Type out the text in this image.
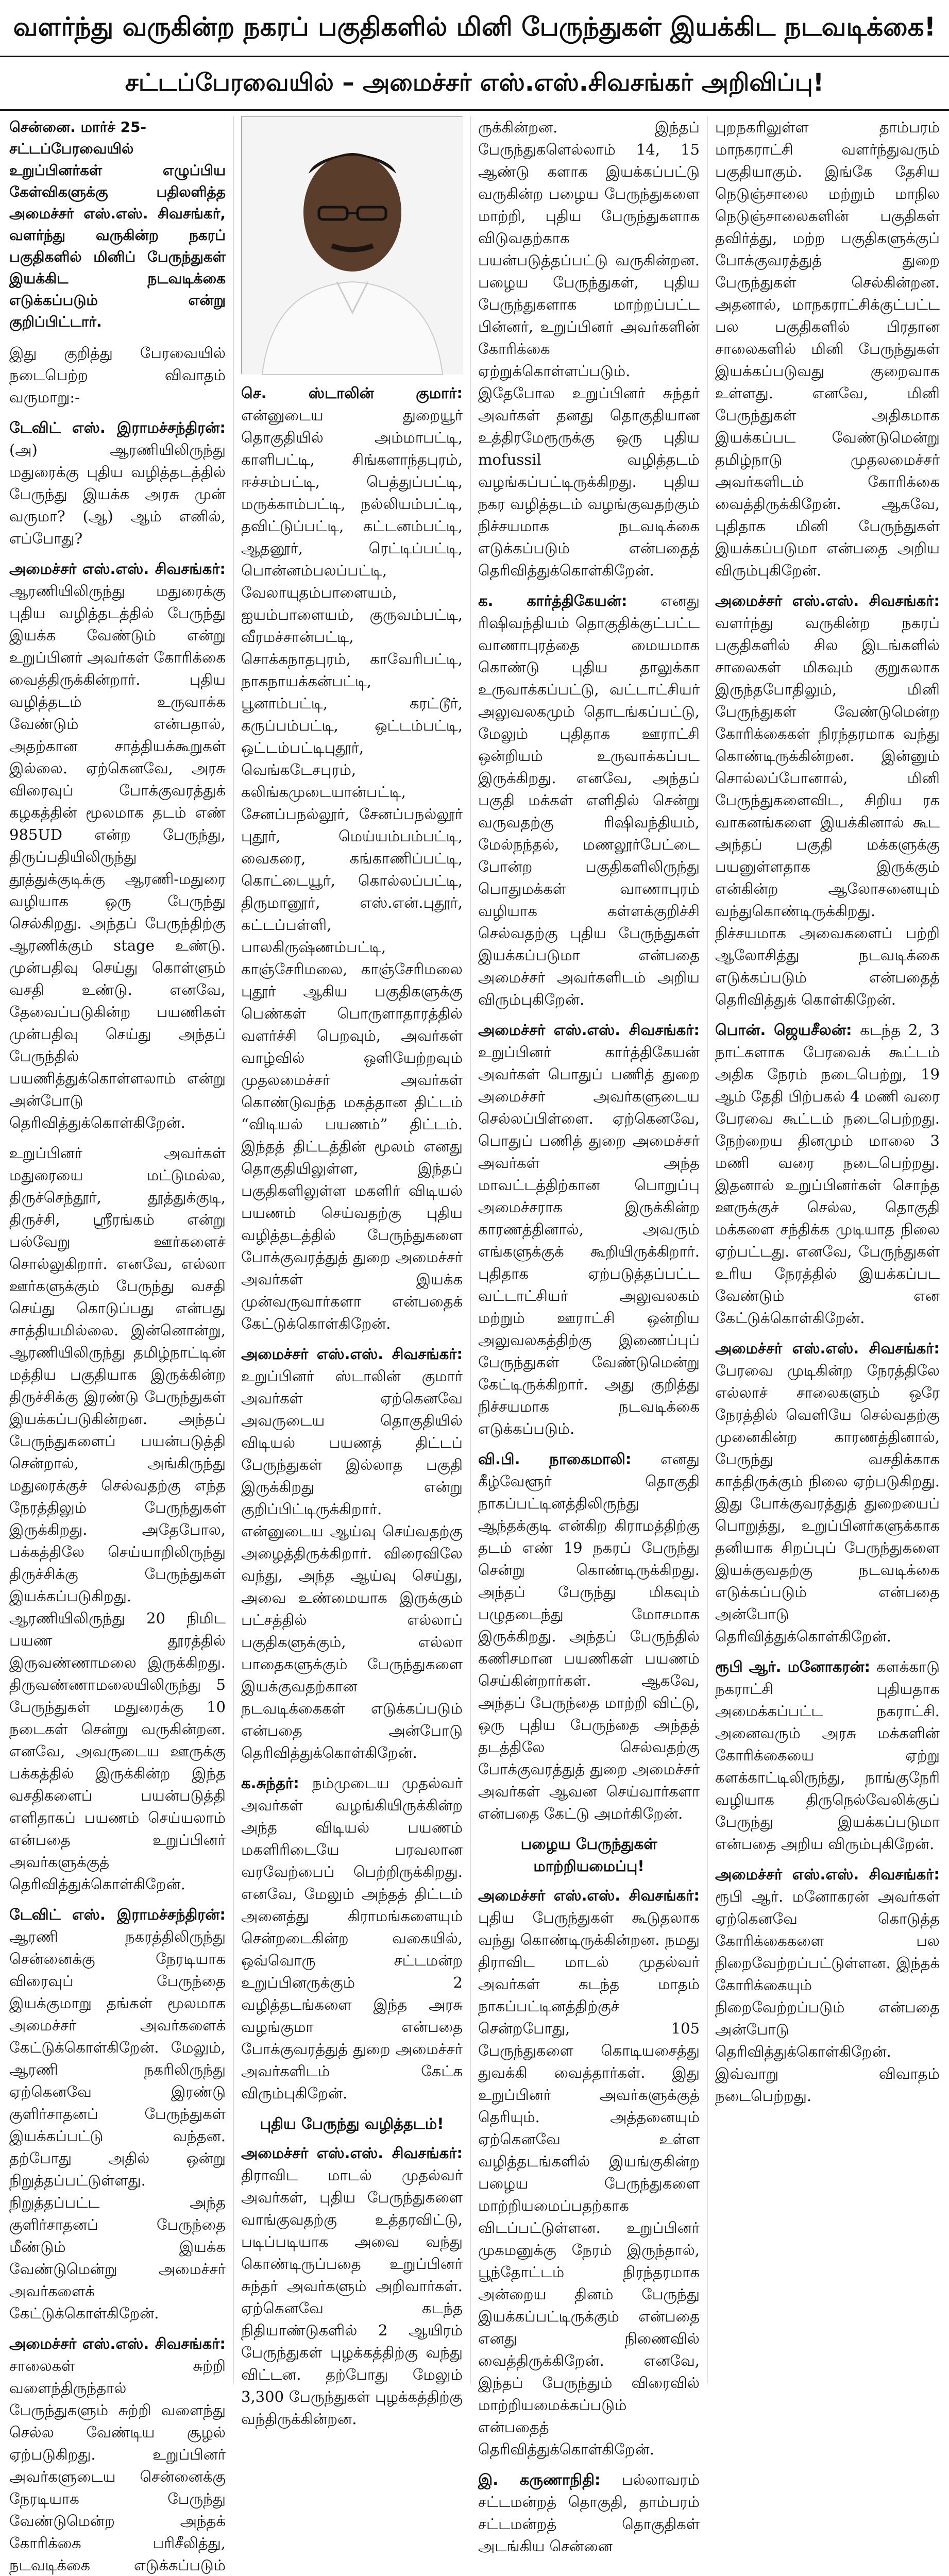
வளர்ந்து வருகின்ற நகரப் பகுதிகளில் மினி பேருந்துகள் இயக்கிட நடவடிக்கை!
சட்டப்பேரவையில் – அமைச்சர் எஸ்.எஸ்.சிவசங்கர் அறிவிப்பு!
சென்னை. மார்ச் 25-
சட்டப்பேரவையில் உறுப்பினர்கள் எழுப்பிய கேள்விகளுக்கு பதிலளித்த அமைச்சர் எஸ்.எஸ். சிவசங்கர், வளர்ந்து வருகின்ற நகரப் பகுதிகளில் மினிப் பேருந்துகள் இயக்கிட நடவடிக்கை எடுக்கப்படும் என்று குறிப்பிட்டார்.

இது குறித்து பேரவையில் நடைபெற்ற விவாதம் வருமாறு:-

டேவிட் எஸ். இராமச்சந்திரன்: (அ) ஆரணியிலிருந்து மதுரைக்கு புதிய வழித்தடத்தில் பேருந்து இயக்க அரசு முன் வருமா? (ஆ) ஆம் எனில், எப்போது?

அமைச்சர் எஸ்.எஸ். சிவசங்கர்: ஆரணியிலிருந்து மதுரைக்கு புதிய வழித்தடத்தில் பேருந்து இயக்க வேண்டும் என்று உறுப்பினர் அவர்கள் கோரிக்கை வைத்திருக்கின்றார். புதிய வழித்தடம் உருவாக்க வேண்டும் என்பதால், அதற்கான சாத்தியக்கூறுகள் இல்லை. ஏற்கெனவே, அரசு விரைவுப் போக்குவரத்துக் கழகத்தின் மூலமாக தடம் எண் 985UD என்ற பேருந்து, திருப்பதியிலிருந்து தூத்துக்குடிக்கு ஆரணி-மதுரை வழியாக ஒரு பேருந்து செல்கிறது. அந்தப் பேருந்திற்கு ஆரணிக்கும் stage உண்டு. முன்பதிவு செய்து கொள்ளும் வசதி உண்டு. எனவே, தேவைப்படுகின்ற பயணிகள் முன்பதிவு செய்து அந்தப் பேருந்தில் பயணித்துக்கொள்ளலாம் என்று அன்போடு தெரிவித்துக்கொள்கிறேன்.

உறுப்பினர் அவர்கள் மதுரையை மட்டுமல்ல, திருச்செந்தூர், தூத்துக்குடி, திருச்சி, ஸ்ரீரங்கம் என்று பல்வேறு ஊர்களைச் சொல்லுகிறார். எனவே, எல்லா ஊர்களுக்கும் பேருந்து வசதி செய்து கொடுப்பது என்பது சாத்தியமில்லை. இன்னொன்று, ஆரணியிலிருந்து தமிழ்நாட்டின் மத்திய பகுதியாக இருக்கின்ற திருச்சிக்கு இரண்டு பேருந்துகள் இயக்கப்படுகின்றன. அந்தப் பேருந்துகளைப் பயன்படுத்தி சென்றால், அங்கிருந்து மதுரைக்குச் செல்வதற்கு எந்த நேரத்திலும் பேருந்துகள் இருக்கிறது. அதேபோல, பக்கத்திலே செய்யாறிலிருந்து திருச்சிக்கு பேருந்துகள் இயக்கப்படுகிறது. ஆரணியிலிருந்து 20 நிமிட பயண தூரத்தில் இருவண்ணாமலை இருக்கிறது. திருவண்ணாமலையிலிருந்து 5 பேருந்துகள் மதுரைக்கு 10 நடைகள் சென்று வருகின்றன. எனவே, அவருடைய ஊருக்கு பக்கத்தில் இருக்கின்ற இந்த வசதிகளைப் பயன்படுத்தி எளிதாகப் பயணம் செய்யலாம் என்பதை உறுப்பினர் அவர்களுக்குத் தெரிவித்துக்கொள்கிறேன்.

டேவிட் எஸ். இராமச்சந்திரன்: ஆரணி நகரத்திலிருந்து சென்னைக்கு நேரடியாக விரைவுப் பேருந்தை இயக்குமாறு தங்கள் மூலமாக அமைச்சர் அவர்களைக் கேட்டுக்கொள்கிறேன். மேலும், ஆரணி நகரிலிருந்து ஏற்கெனவே இரண்டு குளிர்சாதனப் பேருந்துகள் இயக்கப்பட்டு வந்தன. தற்போது அதில் ஒன்று நிறுத்தப்பட்டுள்ளது. நிறுத்தப்பட்ட அந்த குளிர்சாதனப் பேருந்தை மீண்டும் இயக்க வேண்டுமென்று அமைச்சர் அவர்களைக் கேட்டுக்கொள்கிறேன்.

அமைச்சர் எஸ்.எஸ். சிவசங்கர்: சாலைகள் சுற்றி வளைந்திருந்தால் பேருந்துகளும் சுற்றி வளைந்து செல்ல வேண்டிய சூழல் ஏற்படுகிறது. உறுப்பினர் அவர்களுடைய சென்னைக்கு நேரடியாக பேருந்து வேண்டுமென்ற அந்தக் கோரிக்கை பரிசீலித்து, நடவடிக்கை எடுக்கப்படும்

செ. ஸ்டாலின் குமார்: என்னுடைய துறையூர் தொகுதியில் அம்மாபட்டி, காளிபட்டி, சிங்களாந்தபுரம், ஈச்சம்பட்டி, பெத்துப்பட்டி, மருக்காம்பட்டி, நல்லியம்பட்டி, தவிட்டுப்பட்டி, கட்டனம்பட்டி, ஆதனூர், ரெட்டிப்பட்டி, பொன்னம்பலப்பட்டி, வேலாயுதம்பாளையம், ஐயம்பாளையம், குருவம்பட்டி, வீரமச்சான்பட்டி, சொக்கநாதபுரம், காவேரிபட்டி, நாகநாயக்கன்பட்டி, பூனாம்பட்டி, கரட்டூர், கருப்பம்பட்டி, ஒட்டம்பட்டி, ஒட்டம்பட்டிபுதூர், வெங்கடேசபுரம், கலிங்கமுடையான்பட்டி, சேனப்பநல்லூர், சேனப்பநல்லூர் புதூர், மெய்யம்பம்பட்டி, வைகரை, கங்காணிப்பட்டி, கொட்டையூர், கொல்லப்பட்டி, திருமானூர், எஸ்.என்.புதூர், கட்டப்பள்ளி, பாலகிருஷ்ணம்பட்டி, காஞ்சேரிமலை, காஞ்சேரிமலை புதூர் ஆகிய பகுதிகளுக்கு பெண்கள் பொருளாதாரத்தில் வளர்ச்சி பெறவும், அவர்கள் வாழ்வில் ஒளியேற்றவும் முதலமைச்சர் அவர்கள் கொண்டுவந்த மகத்தான திட்டம் “விடியல் பயணம்” திட்டம். இந்தத் திட்டத்தின் மூலம் எனது தொகுதியிலுள்ள, இந்தப் பகுதிகளிலுள்ள மகளிர் விடியல் பயணம் செய்வதற்கு புதிய வழித்தடத்தில் பேருந்துகளை போக்குவரத்துத் துறை அமைச்சர் அவர்கள் இயக்க முன்வருவார்களா என்பதைக் கேட்டுக்கொள்கிறேன்.

அமைச்சர் எஸ்.எஸ். சிவசங்கர்: உறுப்பினர் ஸ்டாலின் குமார் அவர்கள் ஏற்கெனவே அவருடைய தொகுதியில் விடியல் பயணத் திட்டப் பேருந்துகள் இல்லாத பகுதி இருக்கிறது என்று குறிப்பிட்டிருக்கிறார். என்னுடைய ஆய்வு செய்வதற்கு அழைத்திருக்கிறார். விரைவிலே வந்து, அந்த ஆய்வு செய்து, அவை உண்மையாக இருக்கும் பட்சத்தில் எல்லாப் பகுதிகளுக்கும், எல்லா பாதைகளுக்கும் பேருந்துகளை இயக்குவதற்கான நடவடிக்கைகள் எடுக்கப்படும் என்பதை அன்போடு தெரிவித்துக்கொள்கிறேன்.

க.சுந்தர்: நம்முடைய முதல்வர் அவர்கள் வழங்கியிருக்கின்ற அந்த விடியல் பயணம் மகளிரிடையே பரவலான வரவேற்பைப் பெற்றிருக்கிறது. எனவே, மேலும் அந்தத் திட்டம் அனைத்து கிராமங்களையும் சென்றடைகின்ற வகையில், ஒவ்வொரு சட்டமன்ற உறுப்பினருக்கும் 2 வழித்தடங்களை இந்த அரசு வழங்குமா என்பதை போக்குவரத்துத் துறை அமைச்சர் அவர்களிடம் கேட்க விரும்புகிறேன்.

புதிய பேருந்து வழித்தடம்!

அமைச்சர் எஸ்.எஸ். சிவசங்கர்: திராவிட மாடல் முதல்வர் அவர்கள், புதிய பேருந்துகளை வாங்குவதற்கு உத்தரவிட்டு, படிப்படியாக அவை வந்து கொண்டிருப்பதை உறுப்பினர் சுந்தர் அவர்களும் அறிவார்கள். ஏற்கெனவே கடந்த நிதியாண்டுகளில் 2 ஆயிரம் பேருந்துகள் புழக்கத்திற்கு வந்து விட்டன. தற்போது மேலும் 3,300 பேருந்துகள் புழக்கத்திற்கு வந்திருக்கின்றன.

ருக்கின்றன. இந்தப் பேருந்துகளெல்லாம் 14, 15 ஆண்டு களாக இயக்கப்பட்டு வருகின்ற பழைய பேருந்துகளை மாற்றி, புதிய பேருந்துகளாக விடுவதற்காக பயன்படுத்தப்பட்டு வருகின்றன. பழைய பேருந்துகள், புதிய பேருந்துகளாக மாற்றப்பட்ட பின்னர், உறுப்பினர் அவர்களின் கோரிக்கை ஏற்றுக்கொள்ளப்படும். இதேபோல உறுப்பினர் சுந்தர் அவர்கள் தனது தொகுதியான உத்திரமேரூருக்கு ஒரு புதிய mofussil வழித்தடம் வழங்கப்பட்டிருக்கிறது. புதிய நகர வழித்தடம் வழங்குவதற்கும் நிச்சயமாக நடவடிக்கை எடுக்கப்படும் என்பதைத் தெரிவித்துக்கொள்கிறேன்.

க. கார்த்திகேயன்: எனது ரிஷிவந்தியம் தொகுதிக்குட்பட்ட வாணாபுரத்தை மையமாக கொண்டு புதிய தாலுக்கா உருவாக்கப்பட்டு, வட்டாட்சியர் அலுவலகமும் தொடங்கப்பட்டு, மேலும் புதிதாக ஊராட்சி ஒன்றியம் உருவாக்கப்பட இருக்கிறது. எனவே, அந்தப் பகுதி மக்கள் எளிதில் சென்று வருவதற்கு ரிஷிவந்தியம், மேல்நந்தல், மணலூர்பேட்டை போன்ற பகுதிகளிலிருந்து பொதுமக்கள் வாணாபுரம் வழியாக கள்ளக்குறிச்சி செல்வதற்கு புதிய பேருந்துகள் இயக்கப்படுமா என்பதை அமைச்சர் அவர்களிடம் அறிய விரும்புகிறேன்.

அமைச்சர் எஸ்.எஸ். சிவசங்கர்: உறுப்பினர் கார்த்திகேயன் அவர்கள் பொதுப் பணித் துறை அமைச்சர் அவர்களுடைய செல்லப்பிள்ளை. ஏற்கெனவே, பொதுப் பணித் துறை அமைச்சர் அவர்கள் அந்த மாவட்டத்திற்கான பொறுப்பு அமைச்சராக இருக்கின்ற காரணத்தினால், அவரும் எங்களுக்குக் கூறியிருக்கிறார். புதிதாக ஏற்படுத்தப்பட்ட வட்டாட்சியர் அலுவலகம் மற்றும் ஊராட்சி ஒன்றிய அலுவலகத்திற்கு இணைப்புப் பேருந்துகள் வேண்டுமென்று கேட்டிருக்கிறார். அது குறித்து நிச்சயமாக நடவடிக்கை எடுக்கப்படும்.

வி.பி. நாகைமாலி: எனது கீழ்வேளூர் தொகுதி நாகப்பட்டினத்திலிருந்து ஆந்தக்குடி என்கிற கிராமத்திற்கு தடம் எண் 19 நகரப் பேருந்து சென்று கொண்டிருக்கிறது. அந்தப் பேருந்து மிகவும் பழுதடைந்து மோசமாக இருக்கிறது. அந்தப் பேருந்தில் கணிசமான பயணிகள் பயணம் செய்கின்றார்கள். ஆகவே, அந்தப் பேருந்தை மாற்றி விட்டு, ஒரு புதிய பேருந்தை அந்தத் தடத்திலே செல்வதற்கு போக்குவரத்துத் துறை அமைச்சர் அவர்கள் ஆவன செய்வார்களா என்பதை கேட்டு அமர்கிறேன்.

பழைய பேருந்துகள் மாற்றியமைப்பு!

அமைச்சர் எஸ்.எஸ். சிவசங்கர்: புதிய பேருந்துகள் கூடுதலாக வந்து கொண்டிருக்கின்றன. நமது திராவிட மாடல் முதல்வர் அவர்கள் கடந்த மாதம் நாகப்பட்டினத்திற்குச் சென்றபோது, 105 பேருந்துகளை கொடியசைத்து துவக்கி வைத்தார்கள். இது உறுப்பினர் அவர்களுக்குத் தெரியும். அத்தனையும் ஏற்கெனவே உள்ள வழித்தடங்களில் இயங்குகின்ற பழைய பேருந்துகளை மாற்றியமைப்பதற்காக விடப்பட்டுள்ளன. உறுப்பினர் முகமனுக்கு நேரம் இருந்தால், பூந்தோட்டம் நிரந்தரமாக அன்றைய தினம் பேருந்து இயக்கப்பட்டிருக்கும் என்பதை எனது நிணைவில் வைத்திருக்கிறேன். எனவே, இந்தப் பேருந்தும் விரைவில் மாற்றியமைக்கப்படும் என்பதைத் தெரிவித்துக்கொள்கிறேன்.

இ. கருணாநிதி: பல்லாவரம் சட்டமன்றத் தொகுதி, தாம்பரம் சட்டமன்றத் தொகுதிகள் அடங்கிய சென்னை

புறநகரிலுள்ள தாம்பரம் மாநகராட்சி வளர்ந்துவரும் பகுதியாகும். இங்கே தேசிய நெடுஞ்சாலை மற்றும் மாநில நெடுஞ்சாலைகளின் பகுதிகள் தவிர்த்து, மற்ற பகுதிகளுக்குப் போக்குவரத்துத் துறை பேருந்துகள் செல்கின்றன. அதனால், மாநகராட்சிக்குட்பட்ட பல பகுதிகளில் பிரதான சாலைகளில் மினி பேருந்துகள் இயக்கப்படுவது குறைவாக உள்ளது. எனவே, மினி பேருந்துகள் அதிகமாக இயக்கப்பட வேண்டுமென்று தமிழ்நாடு முதலமைச்சர் அவர்களிடம் கோரிக்கை வைத்திருக்கிறேன். ஆகவே, புதிதாக மினி பேருந்துகள் இயக்கப்படுமா என்பதை அறிய விரும்புகிறேன்.

அமைச்சர் எஸ்.எஸ். சிவசங்கர்: வளர்ந்து வருகின்ற நகரப் பகுதிகளில் சில இடங்களில் சாலைகள் மிகவும் குறுகலாக இருந்தபோதிலும், மினி பேருந்துகள் வேண்டுமென்ற கோரிக்கைகள் நிரந்தரமாக வந்து கொண்டிருக்கின்றன. இன்னும் சொல்லப்போனால், மினி பேருந்துகளைவிட, சிறிய ரக வாகனங்களை இயக்கினால் கூட அந்தப் பகுதி மக்களுக்கு பயனுள்ளதாக இருக்கும் என்கின்ற ஆலோசனையும் வந்துகொண்டிருக்கிறது. நிச்சயமாக அவைகளைப் பற்றி ஆலோசித்து நடவடிக்கை எடுக்கப்படும் என்பதைத் தெரிவித்துக் கொள்கிறேன்.

பொன். ஜெயசீலன்: கடந்த 2, 3 நாட்களாக பேரவைக் கூட்டம் அதிக நேரம் நடைபெற்று, 19 ஆம் தேதி பிற்பகல் 4 மணி வரை பேரவை கூட்டம் நடைபெற்றது. நேற்றைய தினமும் மாலை 3 மணி வரை நடைபெற்றது. இதனால் உறுப்பினர்கள் சொந்த ஊருக்குச் செல்ல, தொகுதி மக்களை சந்திக்க முடியாத நிலை ஏற்பட்டது. எனவே, பேருந்துகள் உரிய நேரத்தில் இயக்கப்பட வேண்டும் என கேட்டுக்கொள்கிறேன்.

அமைச்சர் எஸ்.எஸ். சிவசங்கர்: பேரவை முடிகின்ற நேரத்திலே எல்லாச் சாலைகளும் ஒரே நேரத்தில் வெளியே செல்வதற்கு முனைகின்ற காரணத்தினால், பேருந்து வசதிக்காக காத்திருக்கும் நிலை ஏற்படுகிறது. இது போக்குவரத்துத் துறையைப் பொறுத்து, உறுப்பினர்களுக்காக தனியாக சிறப்புப் பேருந்துகளை இயக்குவதற்கு நடவடிக்கை எடுக்கப்படும் என்பதை அன்போடு தெரிவித்துக்கொள்கிறேன்.

ரூபி ஆர். மனோகரன்: களக்காடு நகராட்சி புதியதாக அமைக்கப்பட்ட நகராட்சி. அனைவரும் அரசு மக்களின் கோரிக்கையை ஏற்று களக்காட்டிலிருந்து, நாங்குநேரி வழியாக திருநெல்வேலிக்குப் பேருந்து இயக்கப்படுமா என்பதை அறிய விரும்புகிறேன்.

அமைச்சர் எஸ்.எஸ். சிவசங்கர்: ரூபி ஆர். மனோகரன் அவர்கள் ஏற்கெனவே கொடுத்த கோரிக்கைகளை பல நிறைவேற்றப்பட்டுள்ளன. இந்தக் கோரிக்கையும் நிறைவேற்றப்படும் என்பதை அன்போடு தெரிவித்துக்கொள்கிறேன். இவ்வாறு விவாதம் நடைபெற்றது.
